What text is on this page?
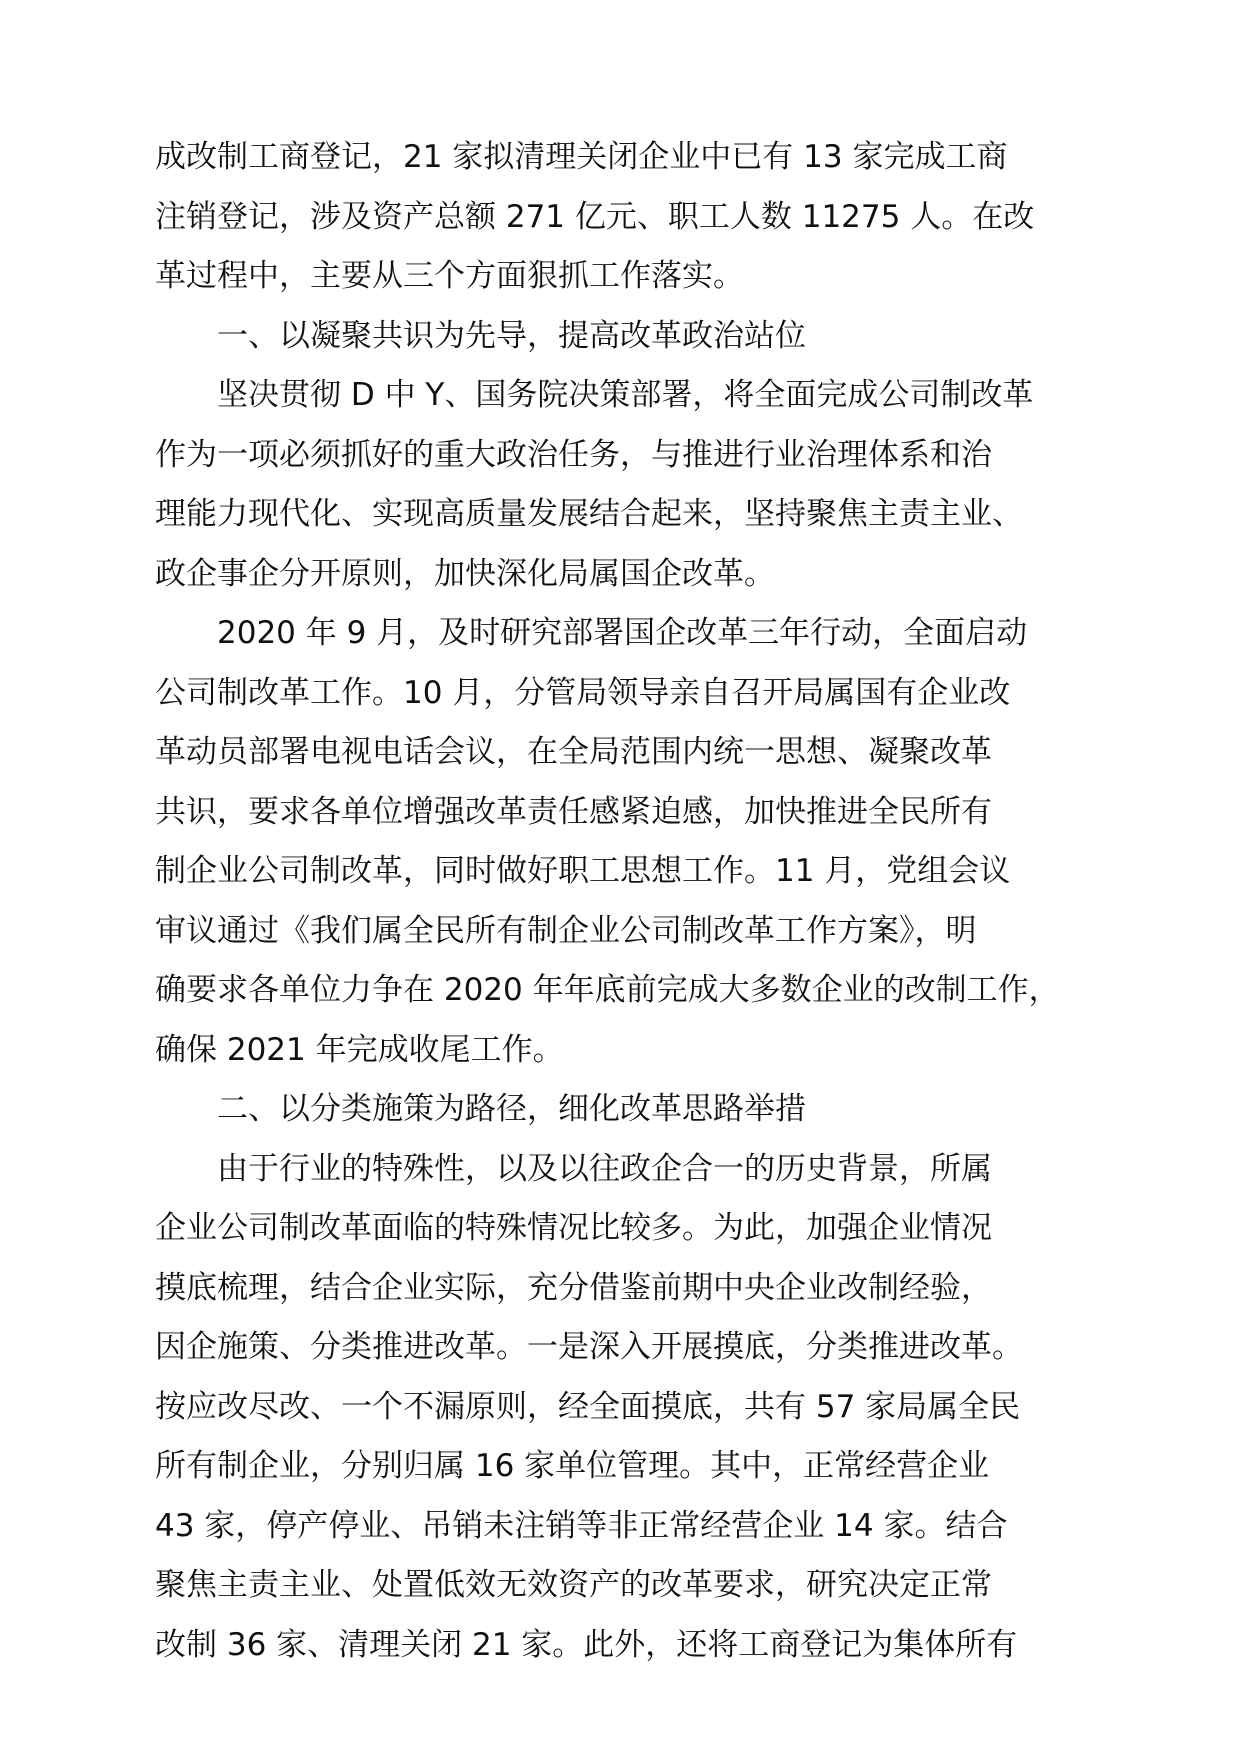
成改制工商登记，21 家拟清理关闭企业中已有 13 家完成工商
注销登记，涉及资产总额 271 亿元、职工人数 11275 人。在改
革过程中，主要从三个方面狠抓工作落实。
一、以凝聚共识为先导，提高改革政治站位
坚决贯彻 D 中 Y、国务院决策部署，将全面完成公司制改革
作为一项必须抓好的重大政治任务，与推进行业治理体系和治
理能力现代化、实现高质量发展结合起来，坚持聚焦主责主业、
政企事企分开原则，加快深化局属国企改革。
2020 年 9 月，及时研究部署国企改革三年行动，全面启动
公司制改革工作。10 月，分管局领导亲自召开局属国有企业改
革动员部署电视电话会议，在全局范围内统一思想、凝聚改革
共识，要求各单位增强改革责任感紧迫感，加快推进全民所有
制企业公司制改革，同时做好职工思想工作。11 月，党组会议
审议通过《我们属全民所有制企业公司制改革工作方案》，明
确要求各单位力争在 2020 年年底前完成大多数企业的改制工作，
确保 2021 年完成收尾工作。
二、以分类施策为路径，细化改革思路举措
由于行业的特殊性，以及以往政企合一的历史背景，所属
企业公司制改革面临的特殊情况比较多。为此，加强企业情况
摸底梳理，结合企业实际，充分借鉴前期中央企业改制经验，
因企施策、分类推进改革。一是深入开展摸底，分类推进改革。
按应改尽改、一个不漏原则，经全面摸底，共有 57 家局属全民
所有制企业，分别归属 16 家单位管理。其中，正常经营企业
43 家，停产停业、吊销未注销等非正常经营企业 14 家。结合
聚焦主责主业、处置低效无效资产的改革要求，研究决定正常
改制 36 家、清理关闭 21 家。此外，还将工商登记为集体所有
